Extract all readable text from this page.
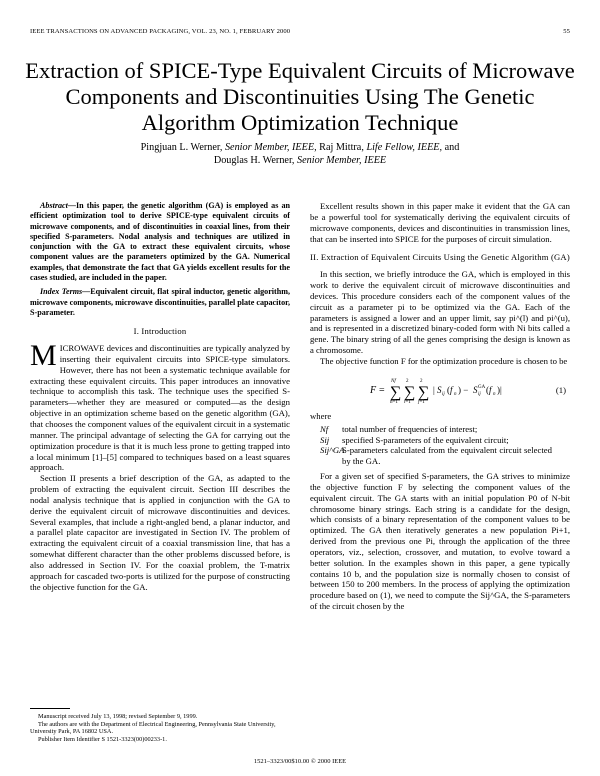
IEEE TRANSACTIONS ON ADVANCED PACKAGING, VOL. 23, NO. 1, FEBRUARY 2000	55
Extraction of SPICE-Type Equivalent Circuits of Microwave Components and Discontinuities Using The Genetic Algorithm Optimization Technique
Pingjuan L. Werner, Senior Member, IEEE, Raj Mittra, Life Fellow, IEEE, and
Douglas H. Werner, Senior Member, IEEE

Abstract—In this paper, the genetic algorithm (GA) is employed as an efficient optimization tool to derive SPICE-type equivalent circuits of microwave components, and of discontinuities in coaxial lines, from their specified S-parameters. Nodal analysis and techniques are utilized in conjunction with the GA to extract these equivalent circuits, whose component values are the parameters optimized by the GA. Numerical examples, that demonstrate the fact that GA yields excellent results for the cases studied, are included in the paper.

Index Terms—Equivalent circuit, flat spiral inductor, genetic algorithm, microwave components, microwave discontinuities, parallel plate capacitor, S-parameter.

I. Introduction

MICROWAVE devices and discontinuities are typically analyzed by inserting their equivalent circuits into SPICE-type simulators. However, there has not been a systematic technique available for extracting these equivalent circuits. This paper introduces an innovative technique to accomplish this task. The technique uses the specified S-parameters—whether they are measured or computed—as the design objective in an optimization scheme based on the genetic algorithm (GA), that chooses the component values of the equivalent circuit in a systematic manner. The principal advantage of selecting the GA for carrying out the optimization procedure is that it is much less prone to getting trapped into a local minimum [1]–[5] compared to techniques based on a least squares approach.

Section II presents a brief description of the GA, as adapted to the problem of extracting the equivalent circuit. Section III describes the nodal analysis technique that is applied in conjunction with the GA to derive the equivalent circuit of microwave discontinuities and devices. Several examples, that include a right-angled bend, a planar inductor, and a parallel plate capacitor are investigated in Section IV. The problem of extracting the equivalent circuit of a coaxial transmission line, that has a somewhat different character than the other problems discussed before, is also addressed in Section IV. For the coaxial problem, the T-matrix approach for cascaded two-ports is utilized for the purpose of constructing the objective function for the GA.

Manuscript received July 13, 1998; revised September 9, 1999.

The authors are with the Department of Electrical Engineering, Pennsylvania State University, University Park, PA 16802 USA.

Publisher Item Identifier S 1521-3323(00)00233-1.

Excellent results shown in this paper make it evident that the GA can be a powerful tool for systematically deriving the equivalent circuits of microwave components, devices and discontinuities in transmission lines, that can be inserted into SPICE for the purposes of circuit simulation.

II. Extraction of Equivalent Circuits Using the Genetic Algorithm (GA)

In this section, we briefly introduce the GA, which is employed in this work to derive the equivalent circuit of microwave discontinuities and devices. This procedure considers each of the component values of the circuit as a parameter pi to be optimized via the GA. Each of the parameters is assigned a lower and an upper limit, say pi^(l) and pi^(u), and is represented in a discretized binary-coded form with Ni bits called a gene. The binary string of all the genes comprising the design is known as a chromosome.

The objective function F for the optimization procedure is chosen to be

F = ∑
Nf
n=1
∑
2
i=1
∑
2
j=1
| S ij ( f n ) − S GA
ij ( f n )|	(1)

where

Nf total number of frequencies of interest;
Sij specified S-parameters of the equivalent circuit;
Sij^GA
S-parameters calculated from the equivalent circuit selected by the GA.

For a given set of specified S-parameters, the GA strives to minimize the objective function F by selecting the component values of the equivalent circuit. The GA starts with an initial population P0 of N-bit chromosome binary strings. Each string is a candidate for the design, which consists of a binary representation of the component values to be optimized. The GA then iteratively generates a new population Pi+1, derived from the previous one Pi, through the application of the three operators, viz., selection, crossover, and mutation, to evolve toward a better solution. In the examples shown in this paper, a gene typically contains 10 b, and the population size is normally chosen to consist of between 150 to 200 members. In the process of applying the optimization procedure based on (1), we need to compute the Sij^GA, the S-parameters of the circuit chosen by the

1521–3323/00$10.00 © 2000 IEEE
